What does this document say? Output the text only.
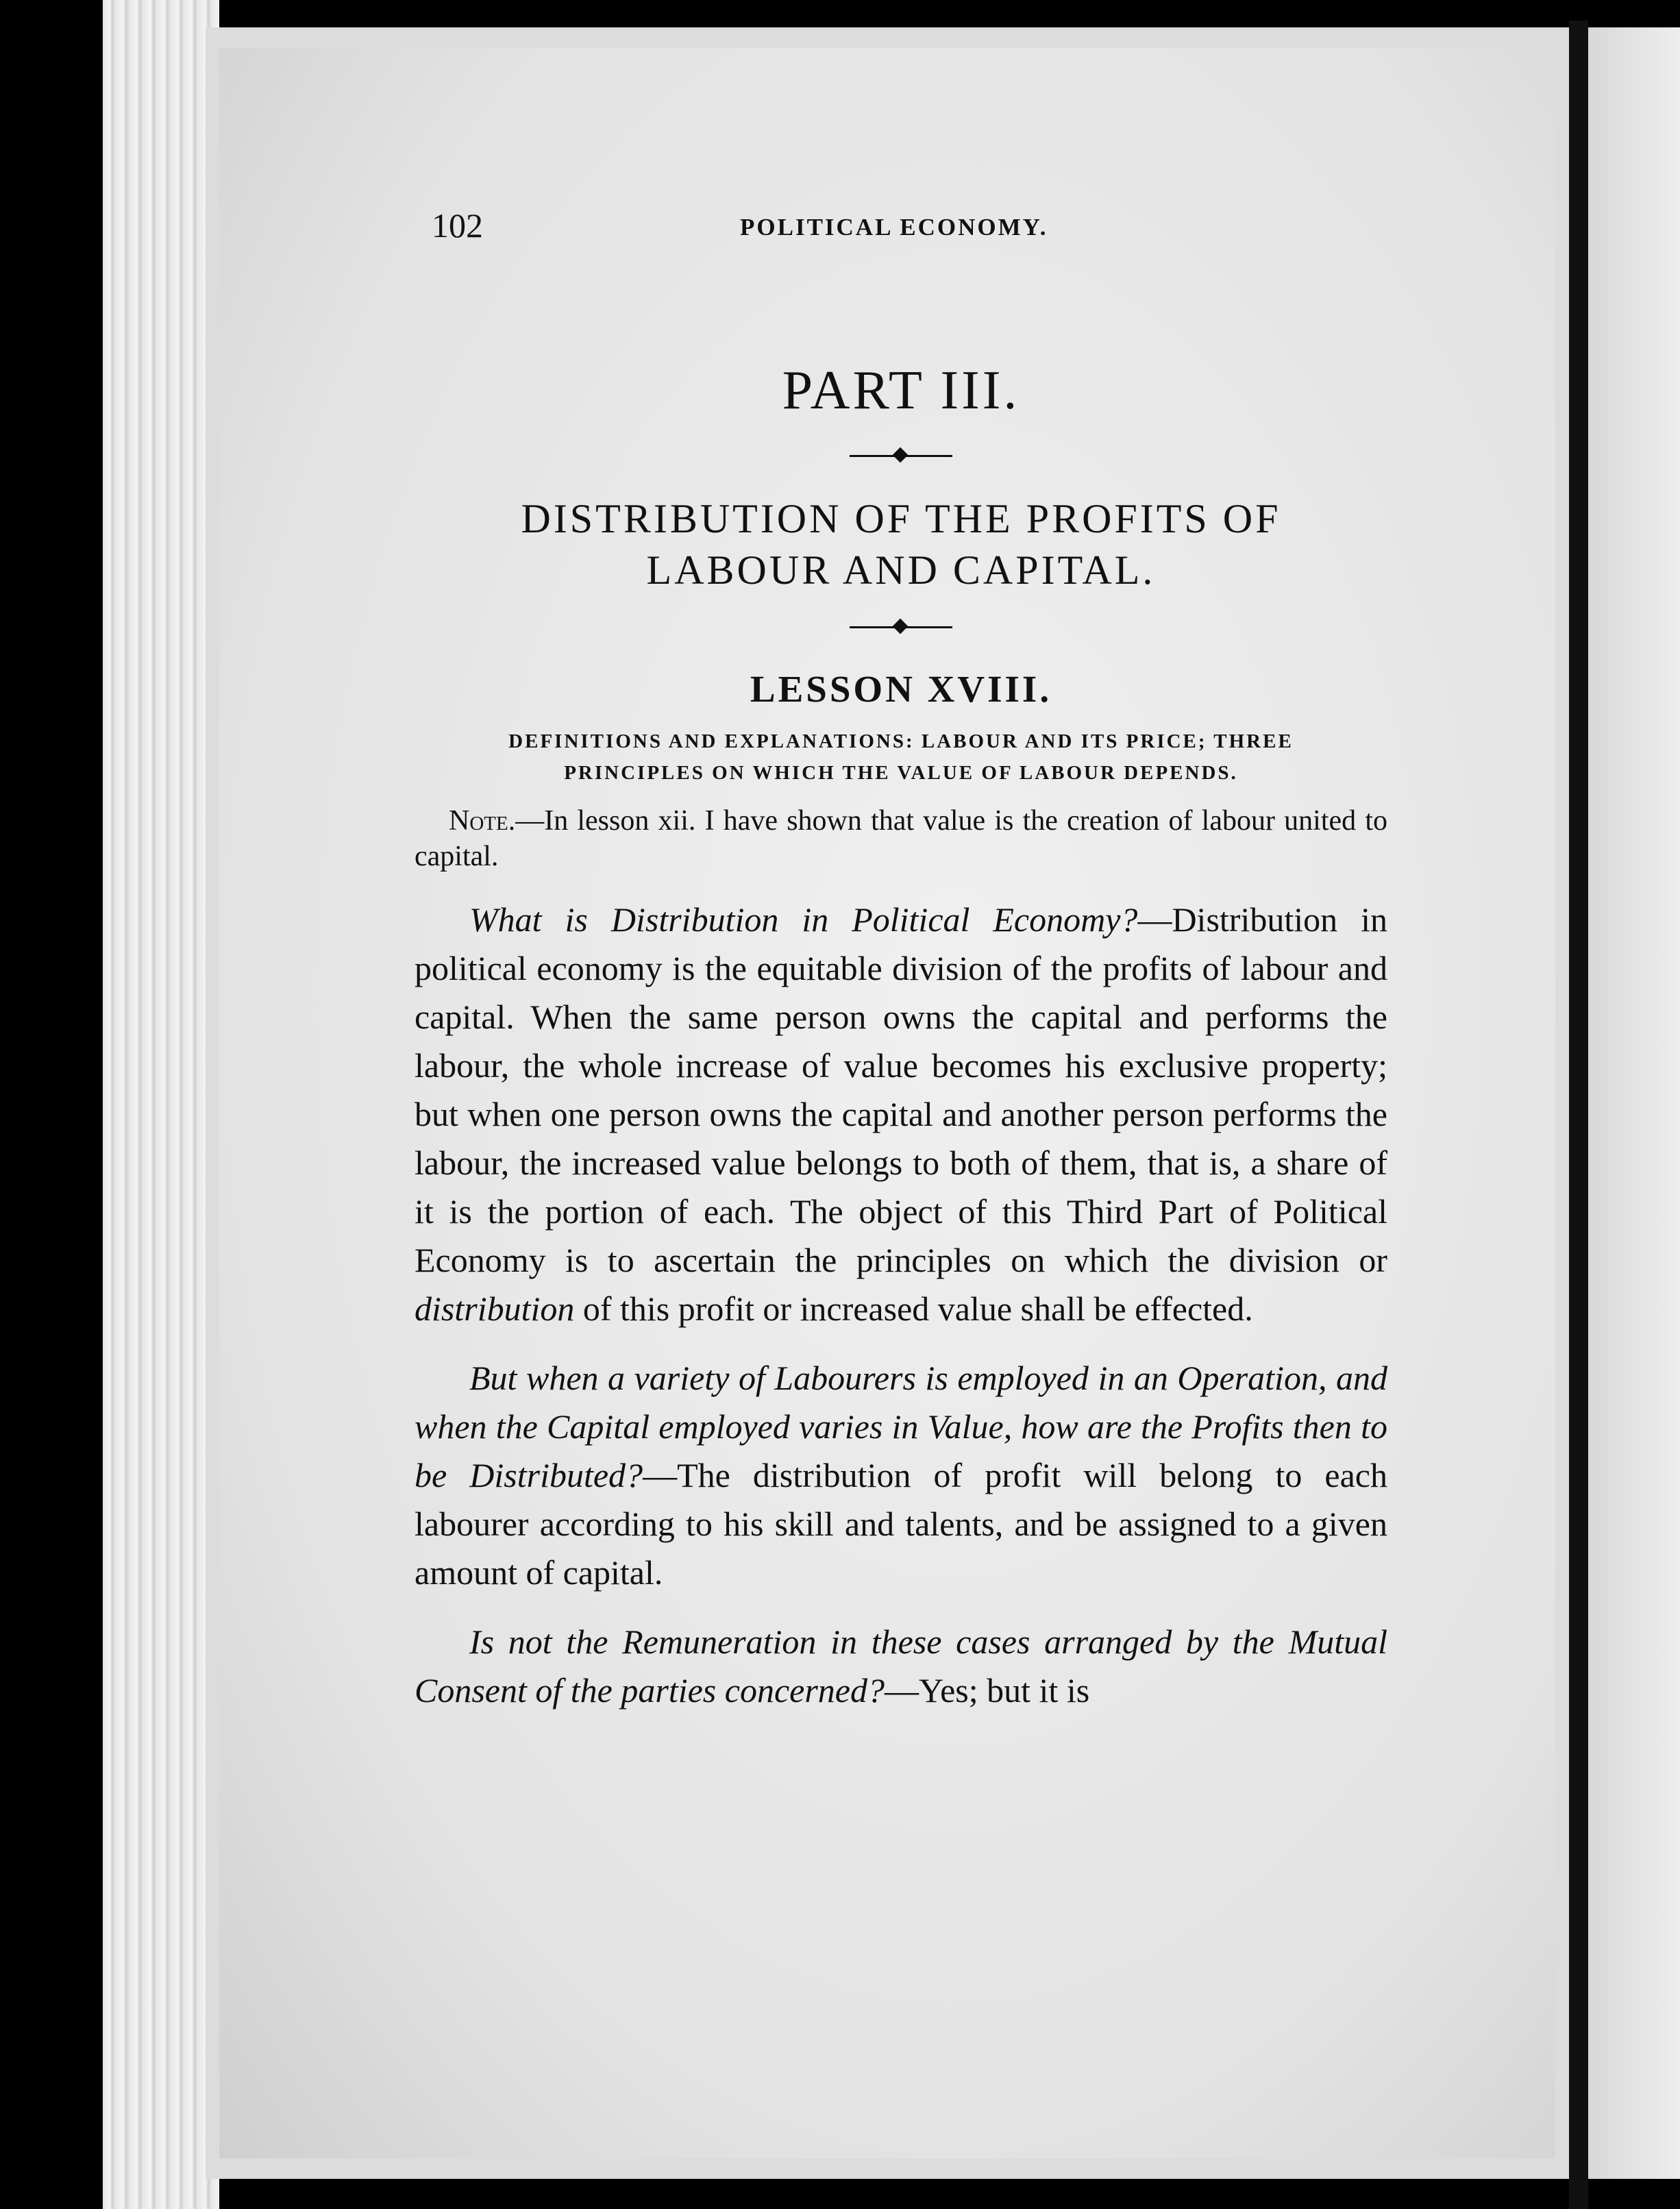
102	POLITICAL ECONOMY.
PART III.
DISTRIBUTION OF THE PROFITS OF
LABOUR AND CAPITAL.
LESSON XVIII.
DEFINITIONS AND EXPLANATIONS: LABOUR AND ITS PRICE; THREE
PRINCIPLES ON WHICH THE VALUE OF LABOUR DEPENDS.

Note.—In lesson xii. I have shown that value is the creation of labour united to capital.

What is Distribution in Political Economy?—Distribution in political economy is the equitable division of the profits of labour and capital. When the same person owns the capital and performs the labour, the whole increase of value becomes his exclusive property; but when one person owns the capital and another person performs the labour, the increased value belongs to both of them, that is, a share of it is the portion of each. The object of this Third Part of Political Economy is to ascertain the principles on which the division or distribution of this profit or increased value shall be effected.

But when a variety of Labourers is employed in an Operation, and when the Capital employed varies in Value, how are the Profits then to be Distributed?—The distribution of profit will belong to each labourer according to his skill and talents, and be assigned to a given amount of capital.

Is not the Remuneration in these cases arranged by the Mutual Consent of the parties concerned?—Yes; but it is
